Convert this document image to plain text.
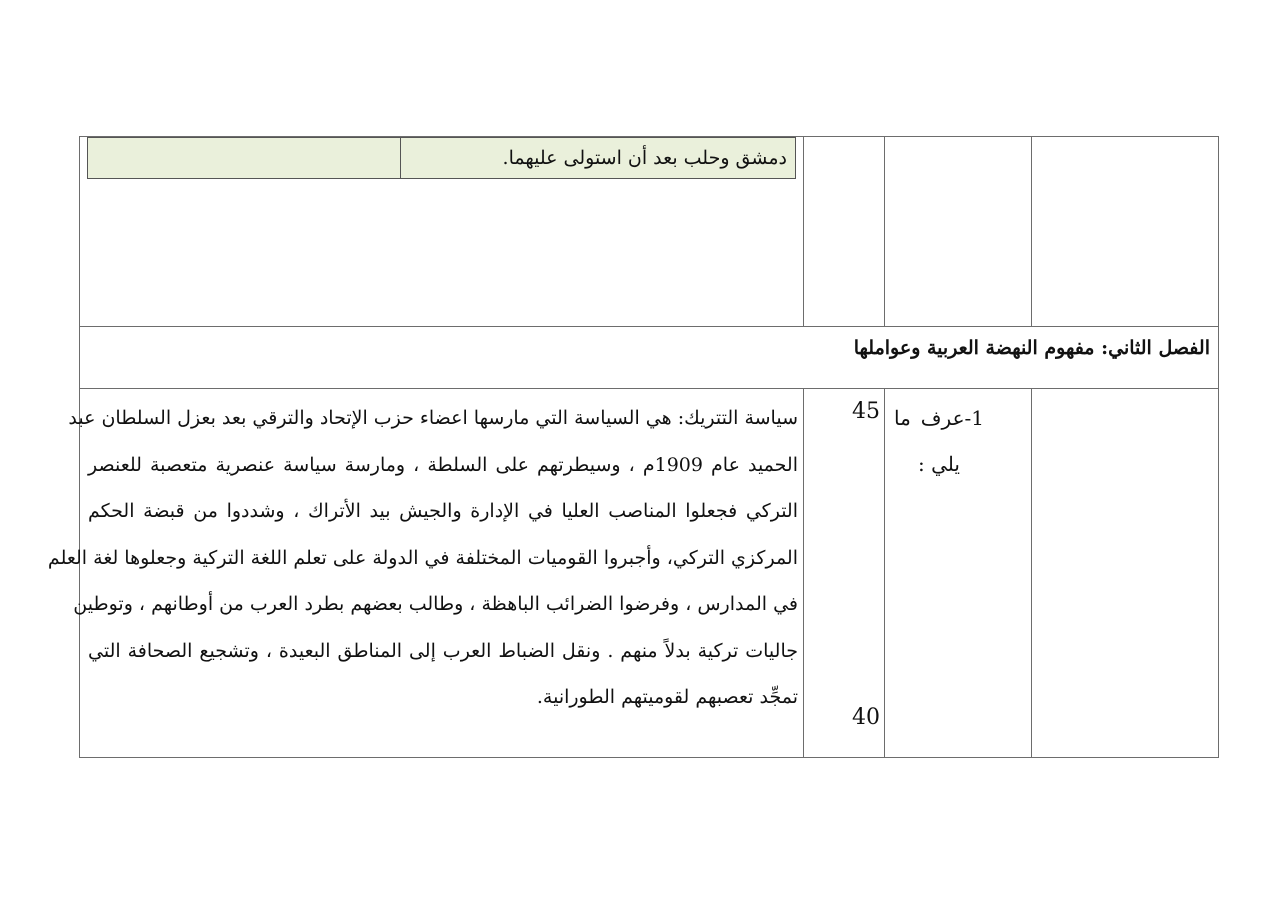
دمشق وحلب بعد أن استولى عليهما.
الفصل الثاني: مفهوم النهضة العربية وعواملها
1-عرف ما
يلي :
45
40
سياسة التتريك: هي السياسة التي مارسها اعضاء حزب الإتحاد والترقي بعد بعزل السلطان عبد
الحميد عام 1909م ، وسيطرتهم على السلطة ، ومارسة سياسة عنصرية متعصبة للعنصر
التركي فجعلوا المناصب العليا في الإدارة والجيش بيد الأتراك ، وشددوا من قبضة الحكم
المركزي التركي، وأجبروا القوميات المختلفة في الدولة على تعلم اللغة التركية وجعلوها لغة العلم
في المدارس ، وفرضوا الضرائب الباهظة ، وطالب بعضهم بطرد العرب من أوطانهم ، وتوطين
جاليات تركية بدلاً منهم . ونقل الضباط العرب إلى المناطق البعيدة ، وتشجيع الصحافة التي
تمجِّد تعصبهم لقوميتهم الطورانية.
